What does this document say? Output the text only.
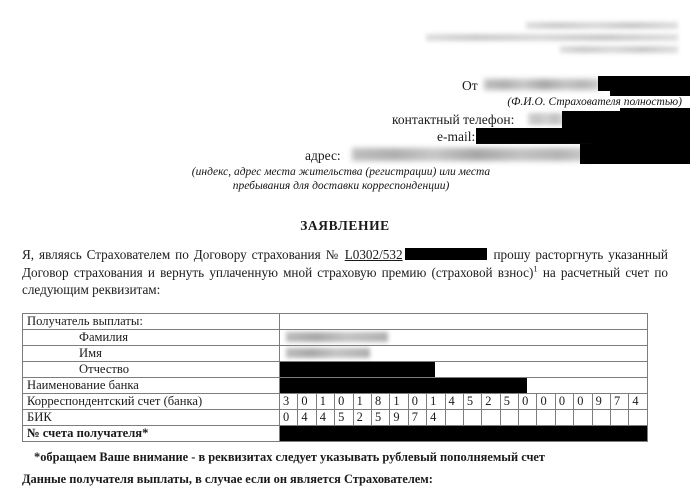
От
(Ф.И.О. Страхователя полностью)
контактный телефон:
e-mail:
адрес:
(индекс, адрес места жительства (регистрации) или места
пребывания для доставки корреспонденции)
ЗАЯВЛЕНИЕ
Я, являясь Страхователем по Договору страхования № L0302/532	прошу расторгнуть указанный Договор страхования и вернуть уплаченную мной страховую премию (страховой взнос)$^1$ на расчетный счет по следующим реквизитам:
Получатель выплаты:																				
Фамилия																				

Имя																				

Отчество																				

Наименование банка																				

Корреспондентский счет (банка)	3	0	1	0	1	8	1	0	1	4	5	2	5	0	0	0	0	9	7	4
БИК	0	4	4	5	2	5	9	7	4											
№ счета получателя*																				
*обращаем Ваше внимание - в реквизитах следует указывать рублевый пополняемый счет
Данные получателя выплаты, в случае если он является Страхователем:
